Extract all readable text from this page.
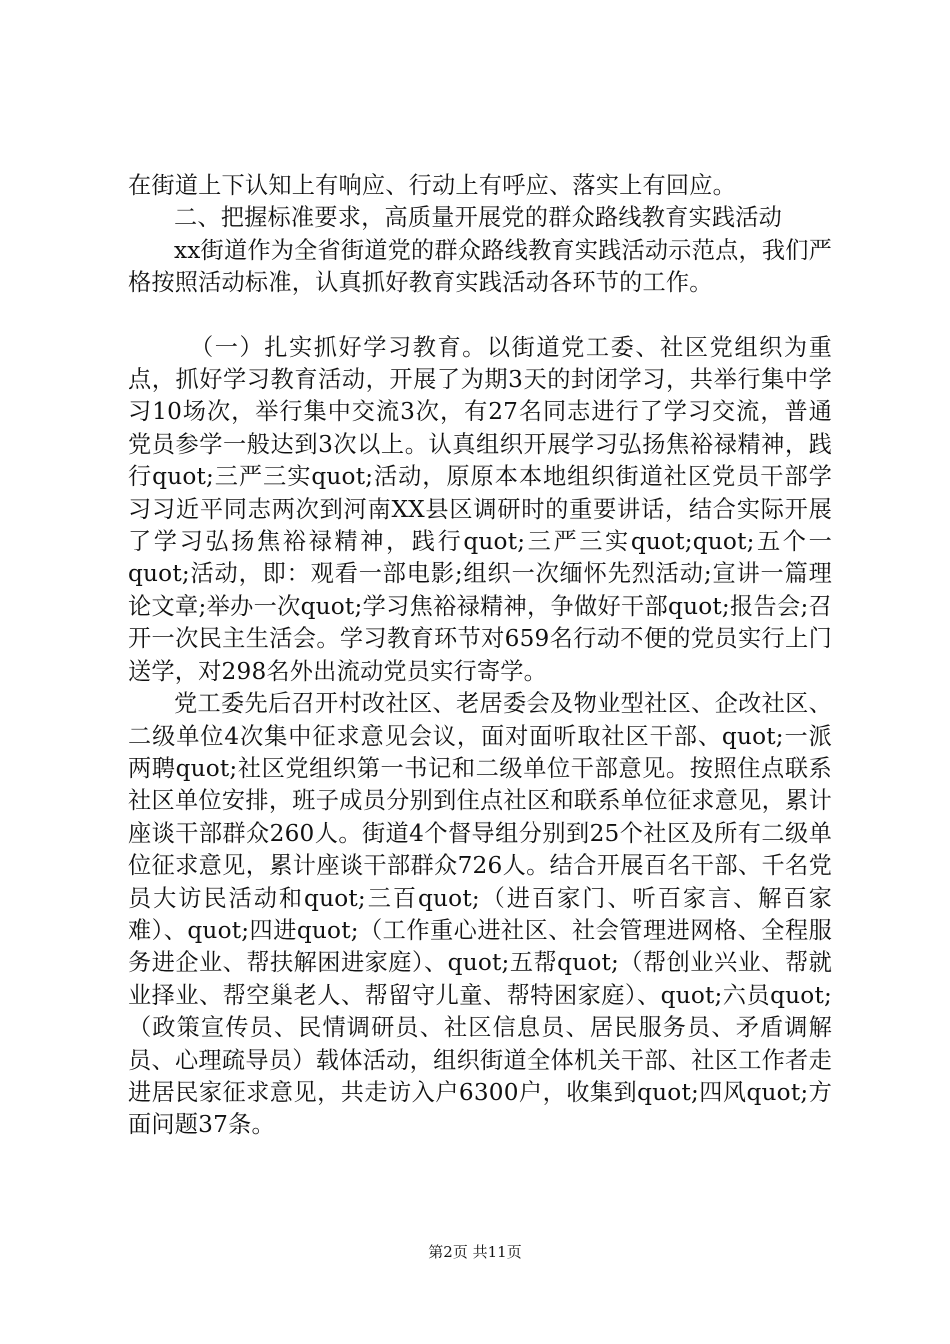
在街道上下认知上有响应、行动上有呼应、落实上有回应。

二、把握标准要求，高质量开展党的群众路线教育实践活动

xx街道作为全省街道党的群众路线教育实践活动示范点，我们严格按照活动标准，认真抓好教育实践活动各环节的工作。

（一）扎实抓好学习教育。以街道党工委、社区党组织为重点，抓好学习教育活动，开展了为期3天的封闭学习，共举行集中学习10场次，举行集中交流3次，有27名同志进行了学习交流，普通党员参学一般达到3次以上。认真组织开展学习弘扬焦裕禄精神，践行quot;三严三实quot;活动，原原本本地组织街道社区党员干部学习习近平同志两次到河南XX县区调研时的重要讲话，结合实际开展了学习弘扬焦裕禄精神，践行quot;三严三实quot;quot;五个一quot;活动，即：观看一部电影;组织一次缅怀先烈活动;宣讲一篇理论文章;举办一次quot;学习焦裕禄精神，争做好干部quot;报告会;召开一次民主生活会。学习教育环节对659名行动不便的党员实行上门送学，对298名外出流动党员实行寄学。

党工委先后召开村改社区、老居委会及物业型社区、企改社区、二级单位4次集中征求意见会议，面对面听取社区干部、quot;一派两聘quot;社区党组织第一书记和二级单位干部意见。按照住点联系社区单位安排，班子成员分别到住点社区和联系单位征求意见，累计座谈干部群众260人。街道4个督导组分别到25个社区及所有二级单位征求意见，累计座谈干部群众726人。结合开展百名干部、千名党员大访民活动和quot;三百quot;（进百家门、听百家言、解百家难）、quot;四进quot;（工作重心进社区、社会管理进网格、全程服务进企业、帮扶解困进家庭）、quot;五帮quot;（帮创业兴业、帮就业择业、帮空巢老人、帮留守儿童、帮特困家庭）、quot;六员quot;（政策宣传员、民情调研员、社区信息员、居民服务员、矛盾调解员、心理疏导员）载体活动，组织街道全体机关干部、社区工作者走进居民家征求意见，共走访入户6300户，收集到quot;四风quot;方面问题37条。

第2页 共11页
